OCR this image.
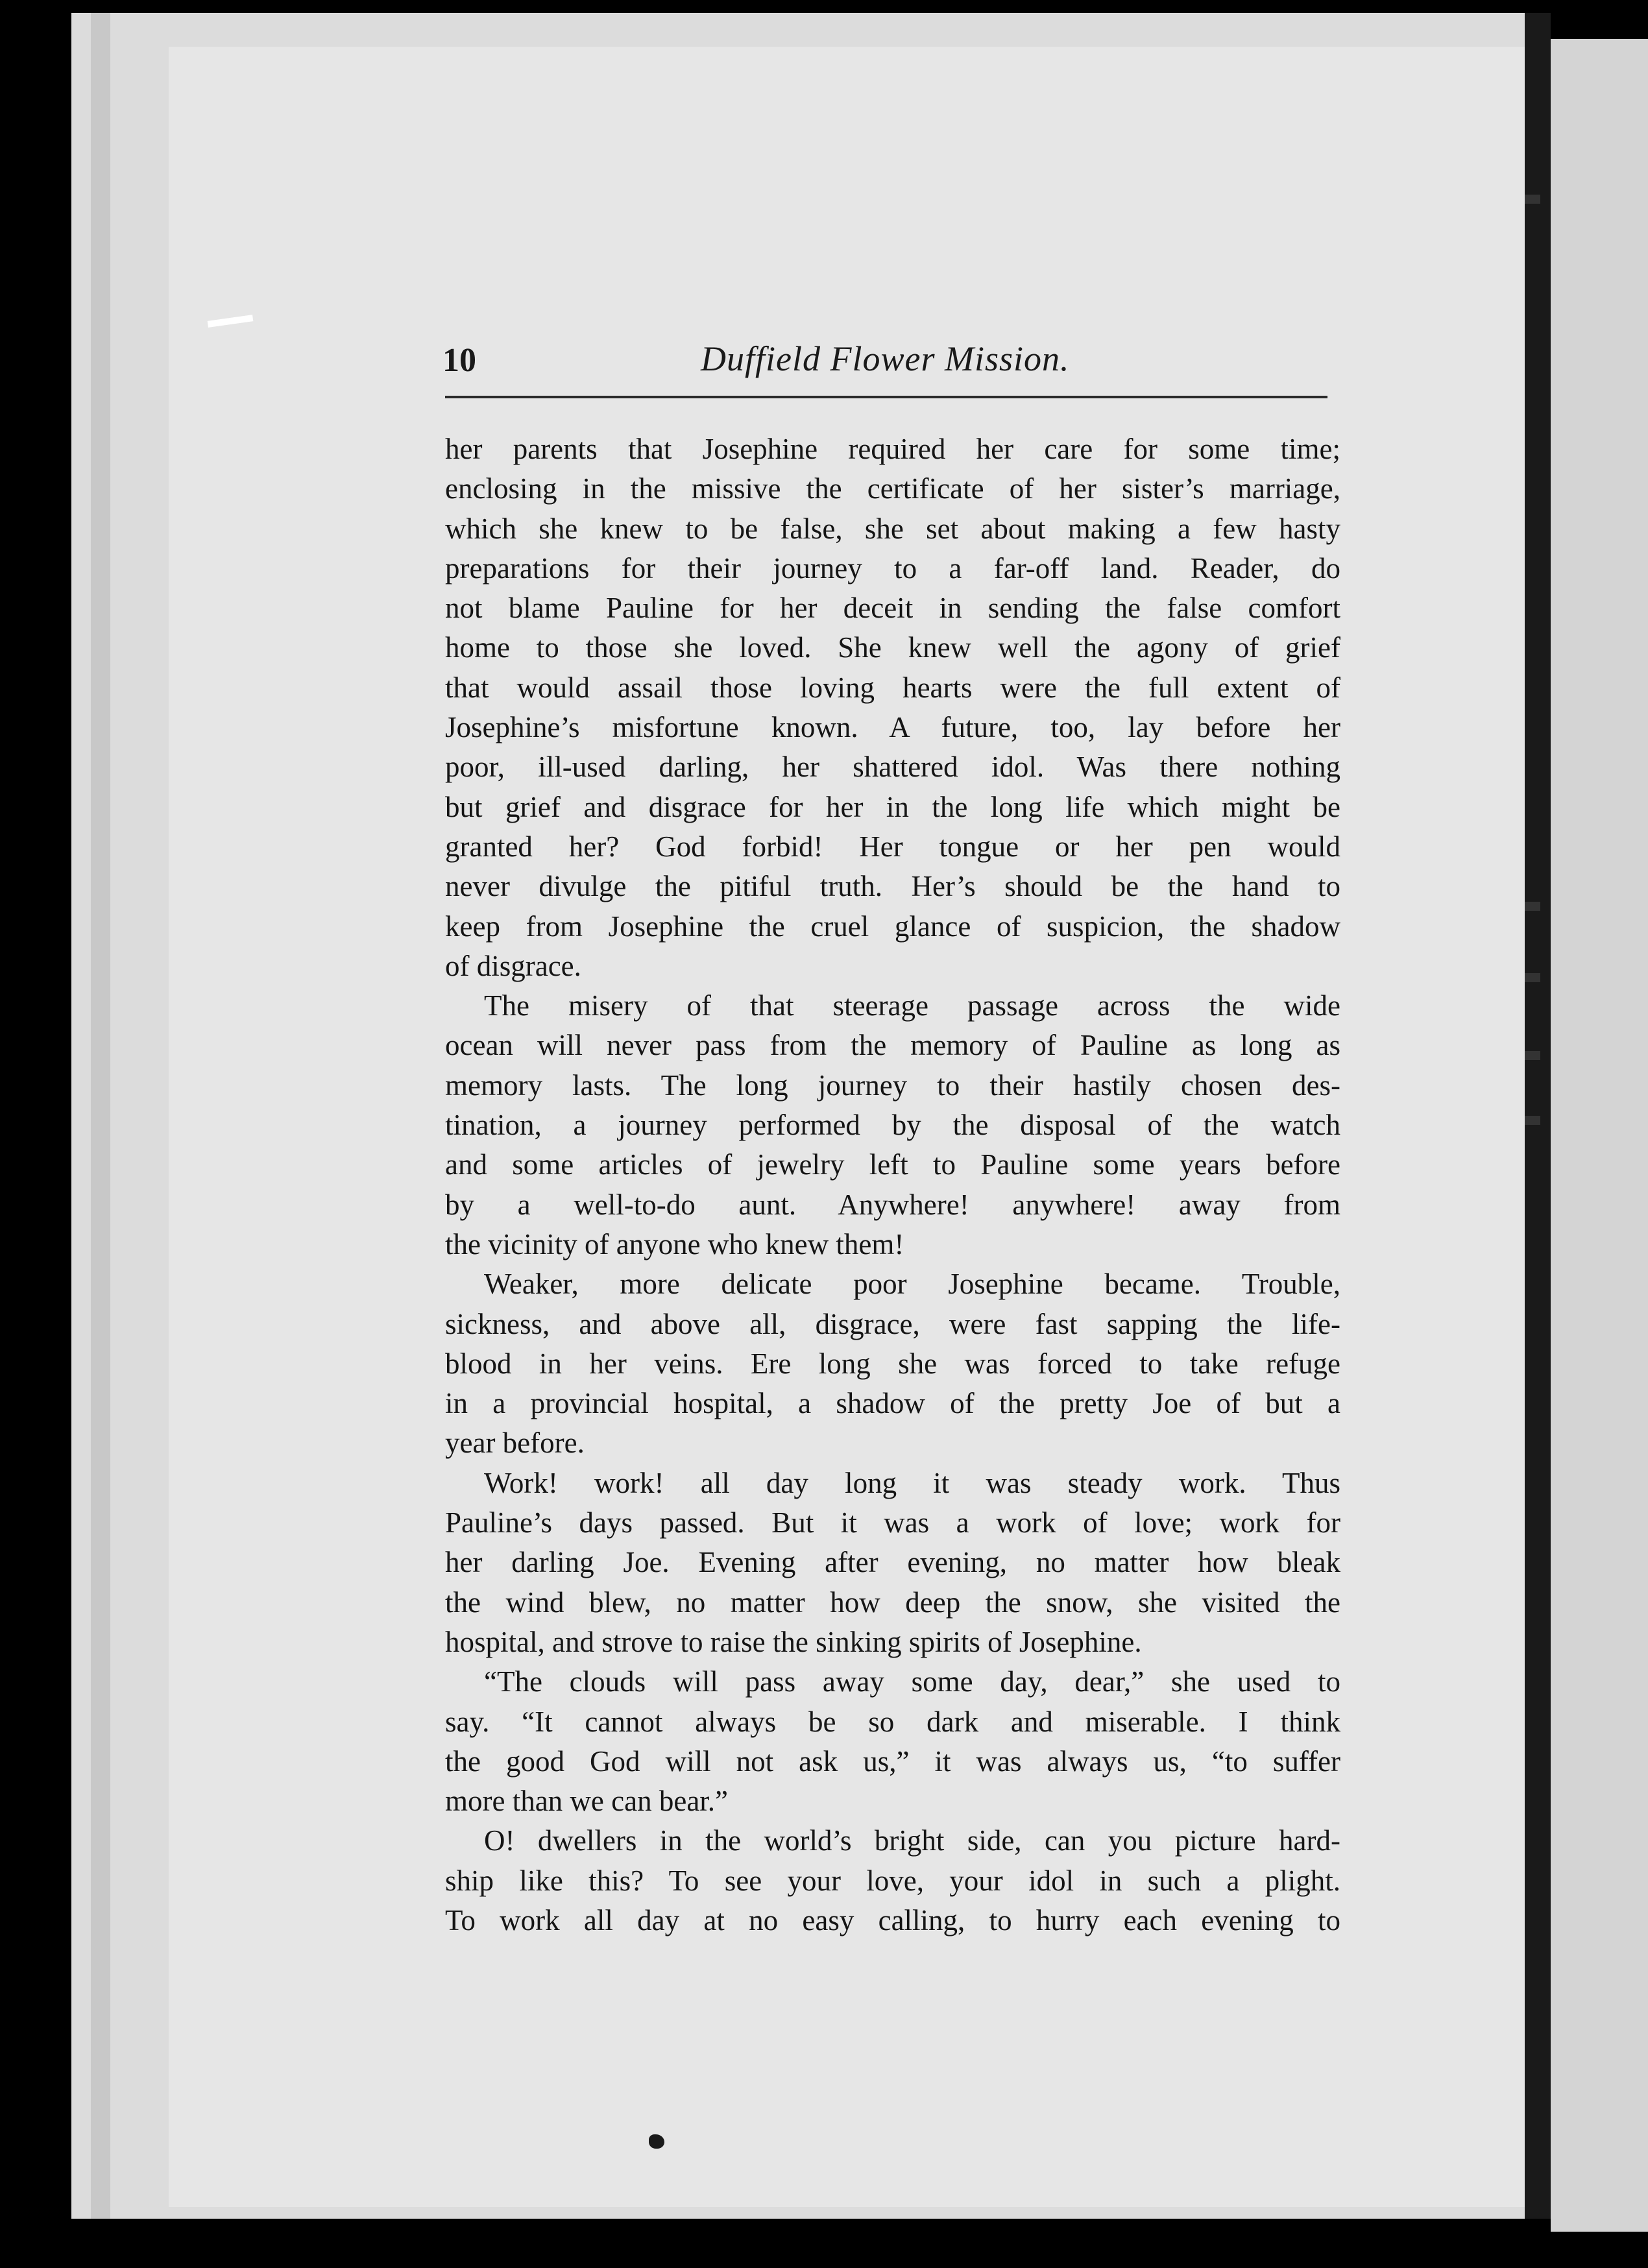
10	Duffield Flower Mission.
her parents that Josephine required her care for some time;
enclosing in the missive the certificate of her sister’s marriage,
which she knew to be false, she set about making a few hasty
preparations for their journey to a far-off land. Reader, do
not blame Pauline for her deceit in sending the false comfort
home to those she loved. She knew well the agony of grief
that would assail those loving hearts were the full extent of
Josephine’s misfortune known. A future, too, lay before her
poor, ill-used darling, her shattered idol. Was there nothing
but grief and disgrace for her in the long life which might be
granted her? God forbid! Her tongue or her pen would
never divulge the pitiful truth. Her’s should be the hand to
keep from Josephine the cruel glance of suspicion, the shadow
of disgrace.
The misery of that steerage passage across the wide
ocean will never pass from the memory of Pauline as long as
memory lasts. The long journey to their hastily chosen des-
tination, a journey performed by the disposal of the watch
and some articles of jewelry left to Pauline some years before
by a well-to-do aunt. Anywhere! anywhere! away from
the vicinity of anyone who knew them!
Weaker, more delicate poor Josephine became. Trouble,
sickness, and above all, disgrace, were fast sapping the life-
blood in her veins. Ere long she was forced to take refuge
in a provincial hospital, a shadow of the pretty Joe of but a
year before.
Work! work! all day long it was steady work. Thus
Pauline’s days passed. But it was a work of love; work for
her darling Joe. Evening after evening, no matter how bleak
the wind blew, no matter how deep the snow, she visited the
hospital, and strove to raise the sinking spirits of Josephine.
“The clouds will pass away some day, dear,” she used to
say. “It cannot always be so dark and miserable. I think
the good God will not ask us,” it was always us, “to suffer
more than we can bear.”
O! dwellers in the world’s bright side, can you picture hard-
ship like this? To see your love, your idol in such a plight.
To work all day at no easy calling, to hurry each evening to
